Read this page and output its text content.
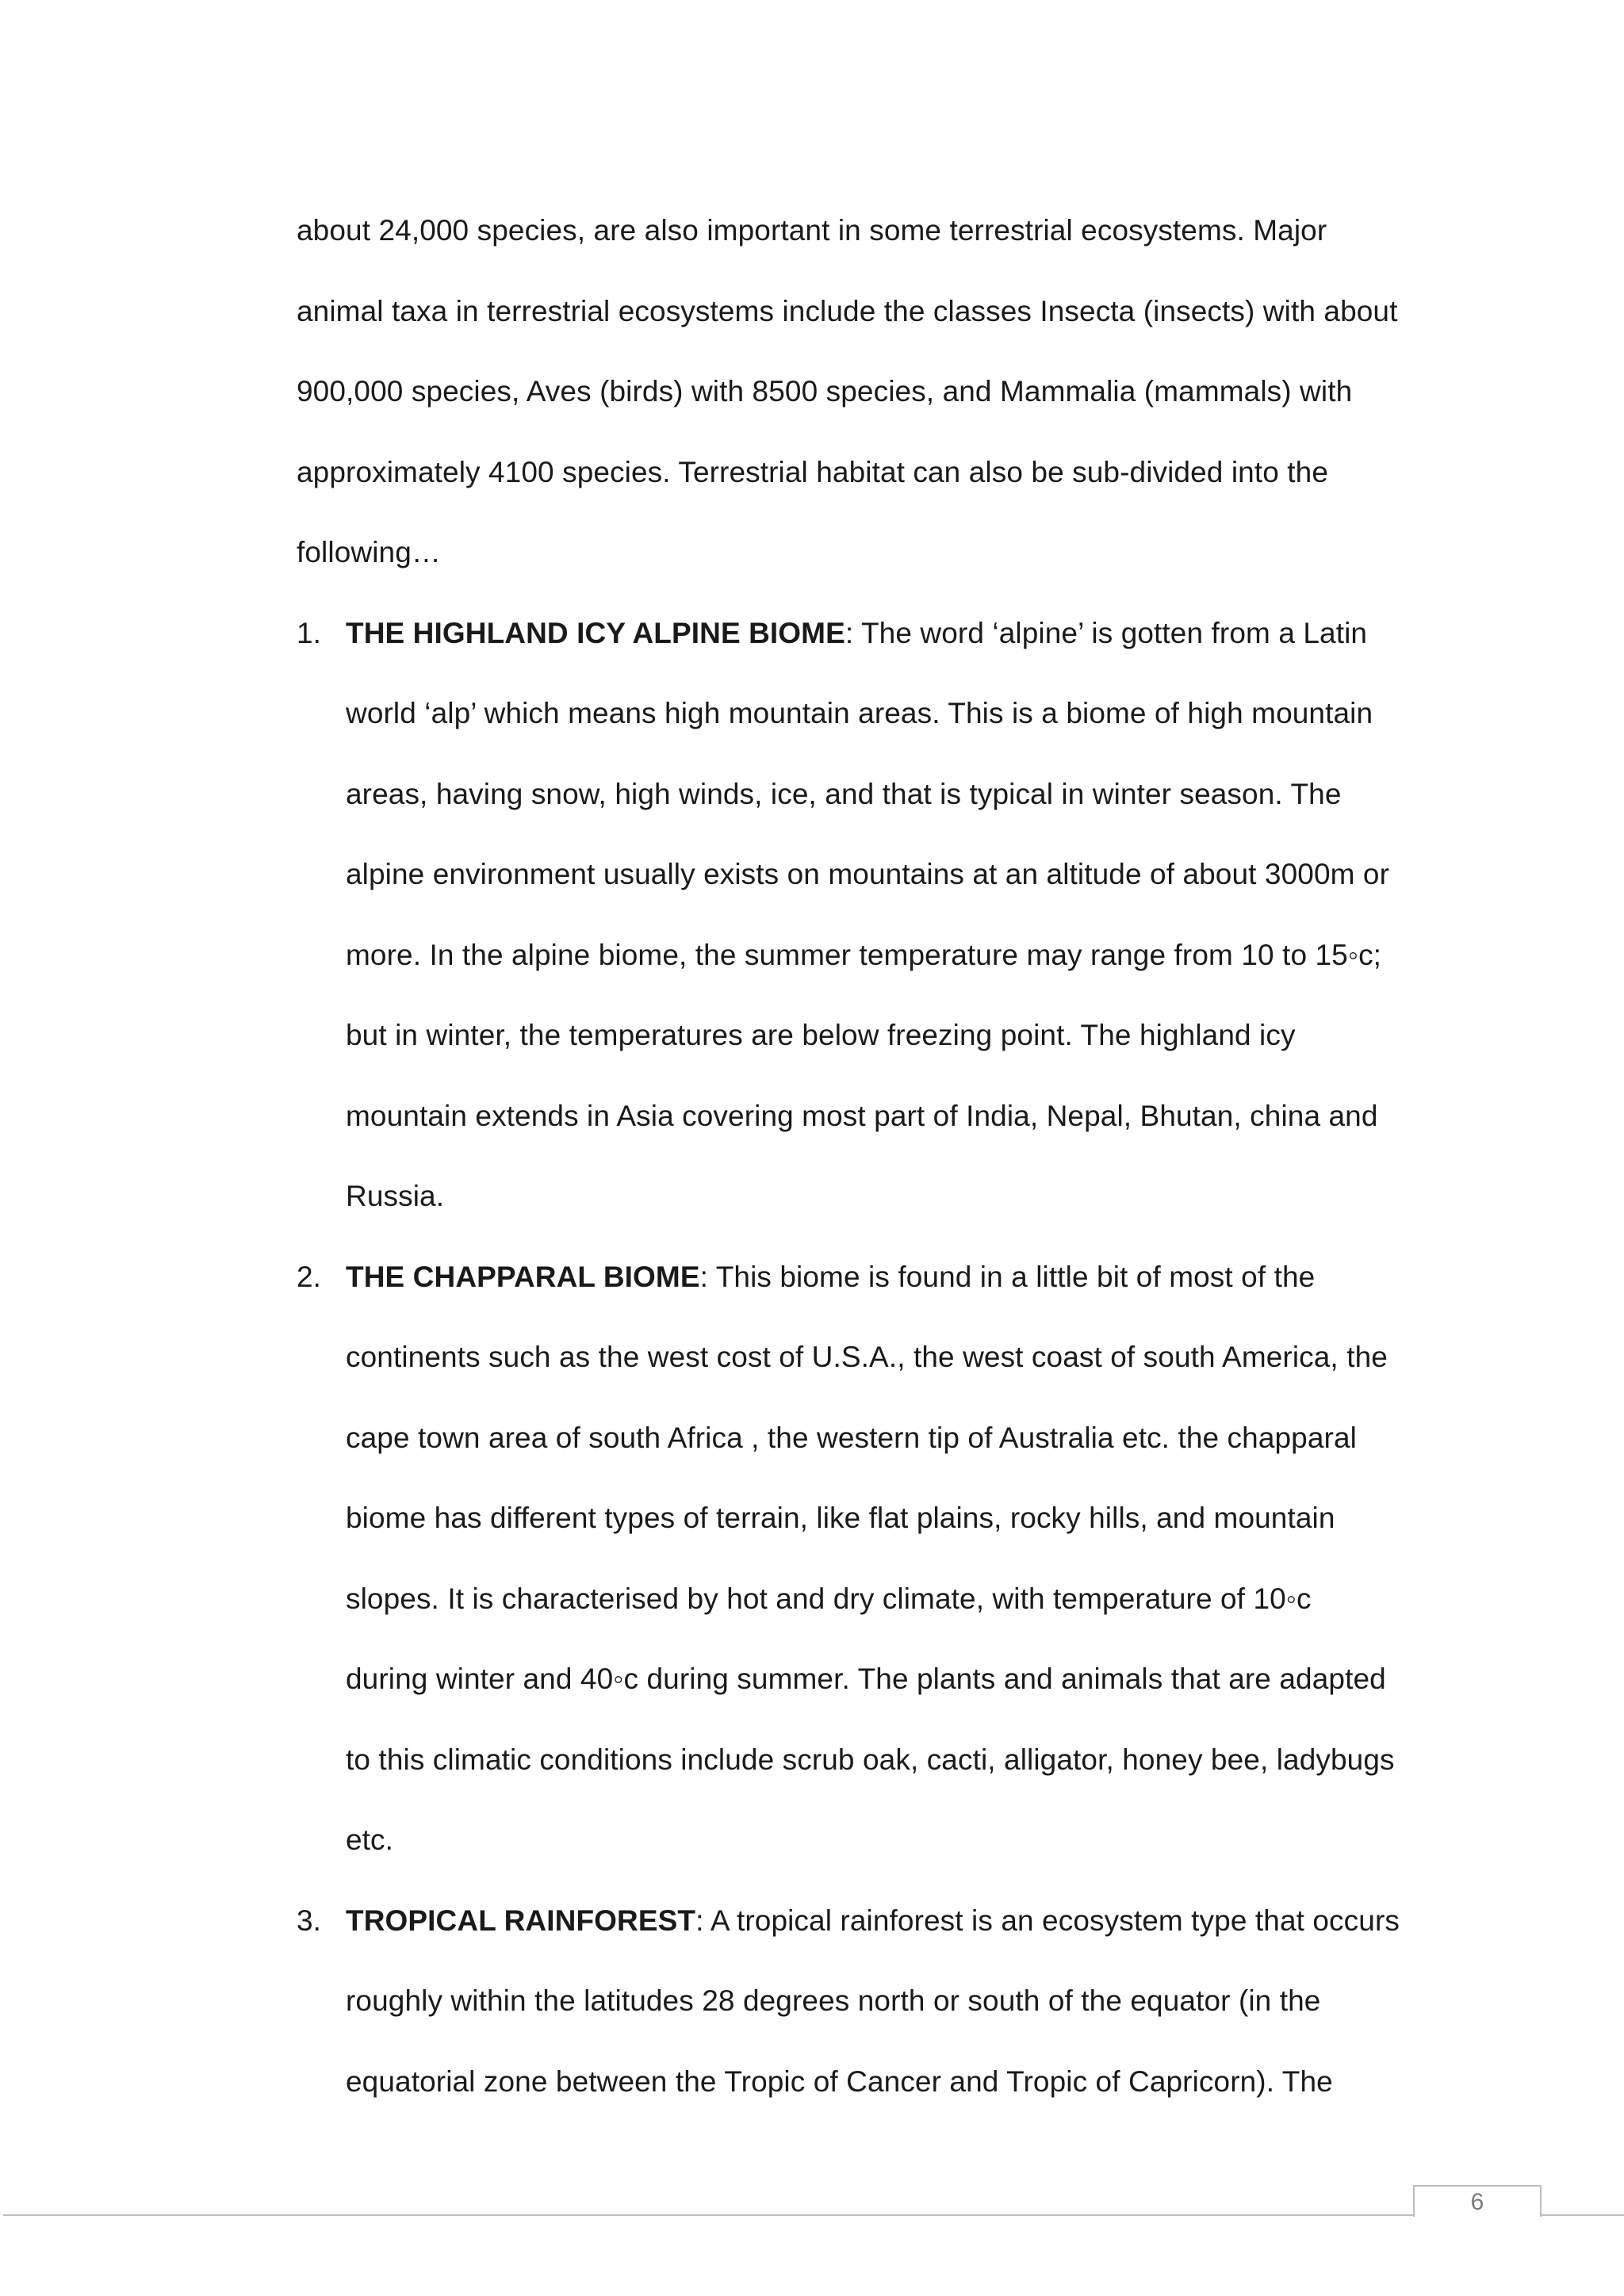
about 24,000 species, are also important in some terrestrial ecosystems. Major
animal taxa in terrestrial ecosystems include the classes Insecta (insects) with about
900,000 species, Aves (birds) with 8500 species, and Mammalia (mammals) with
approximately 4100 species. Terrestrial habitat can also be sub-divided into the
following…
1. THE HIGHLAND ICY ALPINE BIOME: The word ‘alpine’ is gotten from a Latin
world ‘alp’ which means high mountain areas. This is a biome of high mountain
areas, having snow, high winds, ice, and that is typical in winter season. The
alpine environment usually exists on mountains at an altitude of about 3000m or
more. In the alpine biome, the summer temperature may range from 10 to 15◦c;
but in winter, the temperatures are below freezing point. The highland icy
mountain extends in Asia covering most part of India, Nepal, Bhutan, china and
Russia.
2. THE CHAPPARAL BIOME: This biome is found in a little bit of most of the
continents such as the west cost of U.S.A., the west coast of south America, the
cape town area of south Africa , the western tip of Australia etc. the chapparal
biome has different types of terrain, like flat plains, rocky hills, and mountain
slopes. It is characterised by hot and dry climate, with temperature of 10◦c
during winter and 40◦c during summer. The plants and animals that are adapted
to this climatic conditions include scrub oak, cacti, alligator, honey bee, ladybugs
etc.
3. TROPICAL RAINFOREST: A tropical rainforest is an ecosystem type that occurs
roughly within the latitudes 28 degrees north or south of the equator (in the
equatorial zone between the Tropic of Cancer and Tropic of Capricorn). The
6
